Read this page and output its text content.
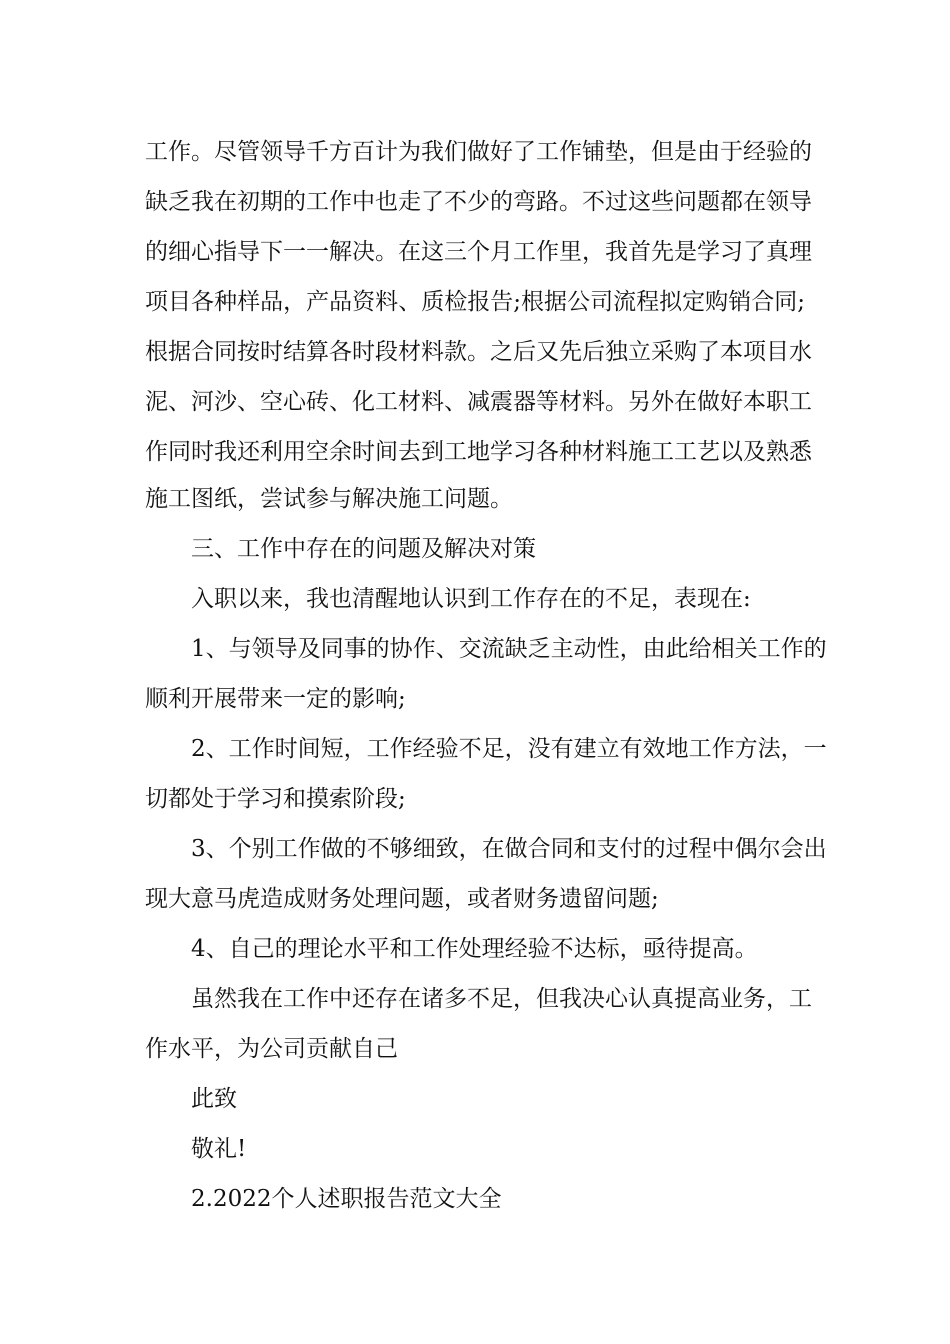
工作。尽管领导千方百计为我们做好了工作铺垫，但是由于经验的
缺乏我在初期的工作中也走了不少的弯路。不过这些问题都在领导
的细心指导下一一解决。在这三个月工作里，我首先是学习了真理
项目各种样品，产品资料、质检报告;根据公司流程拟定购销合同;
根据合同按时结算各时段材料款。之后又先后独立采购了本项目水
泥、河沙、空心砖、化工材料、减震器等材料。另外在做好本职工
作同时我还利用空余时间去到工地学习各种材料施工工艺以及熟悉
施工图纸，尝试参与解决施工问题。
三、工作中存在的问题及解决对策
入职以来，我也清醒地认识到工作存在的不足，表现在:
1、与领导及同事的协作、交流缺乏主动性，由此给相关工作的
顺利开展带来一定的影响;
2、工作时间短，工作经验不足，没有建立有效地工作方法，一
切都处于学习和摸索阶段;
3、个别工作做的不够细致，在做合同和支付的过程中偶尔会出
现大意马虎造成财务处理问题，或者财务遗留问题;
4、自己的理论水平和工作处理经验不达标，亟待提高。
虽然我在工作中还存在诸多不足，但我决心认真提高业务，工
作水平，为公司贡献自己
此致
敬礼!
2.2022个人述职报告范文大全
